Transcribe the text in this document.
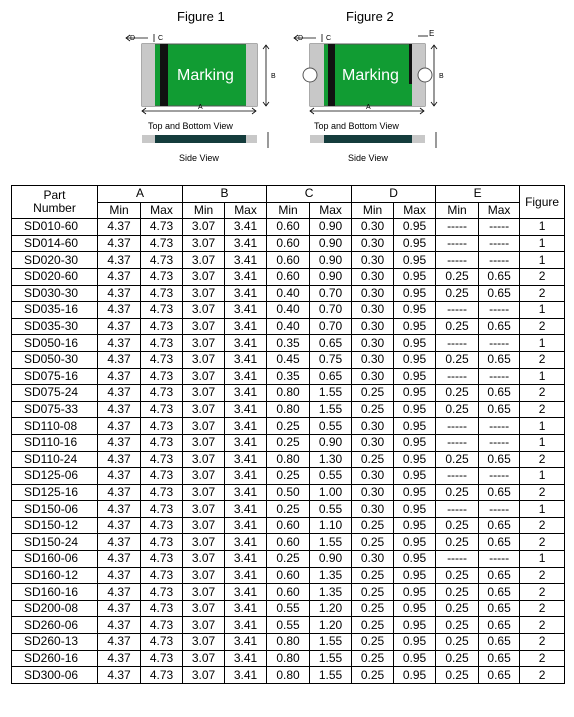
Figure 1	Figure 2
D	C
B
A
Marking
Top and Bottom View
Side View
D	C
E
B
A
Marking
Top and Bottom View
Side View
Part Number	A		B		C		D		E		Figure
	Min	Max	Min	Max	Min	Max	Min	Max	Min	Max	
SD010-60	4.37	4.73	3.07	3.41	0.60	0.90	0.30	0.95	-----	-----	1
SD014-60	4.37	4.73	3.07	3.41	0.60	0.90	0.30	0.95	-----	-----	1
SD020-30	4.37	4.73	3.07	3.41	0.60	0.90	0.30	0.95	-----	-----	1
SD020-60	4.37	4.73	3.07	3.41	0.60	0.90	0.30	0.95	0.25	0.65	2
SD030-30	4.37	4.73	3.07	3.41	0.40	0.70	0.30	0.95	0.25	0.65	2
SD035-16	4.37	4.73	3.07	3.41	0.40	0.70	0.30	0.95	-----	-----	1
SD035-30	4.37	4.73	3.07	3.41	0.40	0.70	0.30	0.95	0.25	0.65	2
SD050-16	4.37	4.73	3.07	3.41	0.35	0.65	0.30	0.95	-----	-----	1
SD050-30	4.37	4.73	3.07	3.41	0.45	0.75	0.30	0.95	0.25	0.65	2
SD075-16	4.37	4.73	3.07	3.41	0.35	0.65	0.30	0.95	-----	-----	1
SD075-24	4.37	4.73	3.07	3.41	0.80	1.55	0.25	0.95	0.25	0.65	2
SD075-33	4.37	4.73	3.07	3.41	0.80	1.55	0.25	0.95	0.25	0.65	2
SD110-08	4.37	4.73	3.07	3.41	0.25	0.55	0.30	0.95	-----	-----	1
SD110-16	4.37	4.73	3.07	3.41	0.25	0.90	0.30	0.95	-----	-----	1
SD110-24	4.37	4.73	3.07	3.41	0.80	1.30	0.25	0.95	0.25	0.65	2
SD125-06	4.37	4.73	3.07	3.41	0.25	0.55	0.30	0.95	-----	-----	1
SD125-16	4.37	4.73	3.07	3.41	0.50	1.00	0.30	0.95	0.25	0.65	2
SD150-06	4.37	4.73	3.07	3.41	0.25	0.55	0.30	0.95	-----	-----	1
SD150-12	4.37	4.73	3.07	3.41	0.60	1.10	0.25	0.95	0.25	0.65	2
SD150-24	4.37	4.73	3.07	3.41	0.60	1.55	0.25	0.95	0.25	0.65	2
SD160-06	4.37	4.73	3.07	3.41	0.25	0.90	0.30	0.95	-----	-----	1
SD160-12	4.37	4.73	3.07	3.41	0.60	1.35	0.25	0.95	0.25	0.65	2
SD160-16	4.37	4.73	3.07	3.41	0.60	1.35	0.25	0.95	0.25	0.65	2
SD200-08	4.37	4.73	3.07	3.41	0.55	1.20	0.25	0.95	0.25	0.65	2
SD260-06	4.37	4.73	3.07	3.41	0.55	1.20	0.25	0.95	0.25	0.65	2
SD260-13	4.37	4.73	3.07	3.41	0.80	1.55	0.25	0.95	0.25	0.65	2
SD260-16	4.37	4.73	3.07	3.41	0.80	1.55	0.25	0.95	0.25	0.65	2
SD300-06	4.37	4.73	3.07	3.41	0.80	1.55	0.25	0.95	0.25	0.65	2
